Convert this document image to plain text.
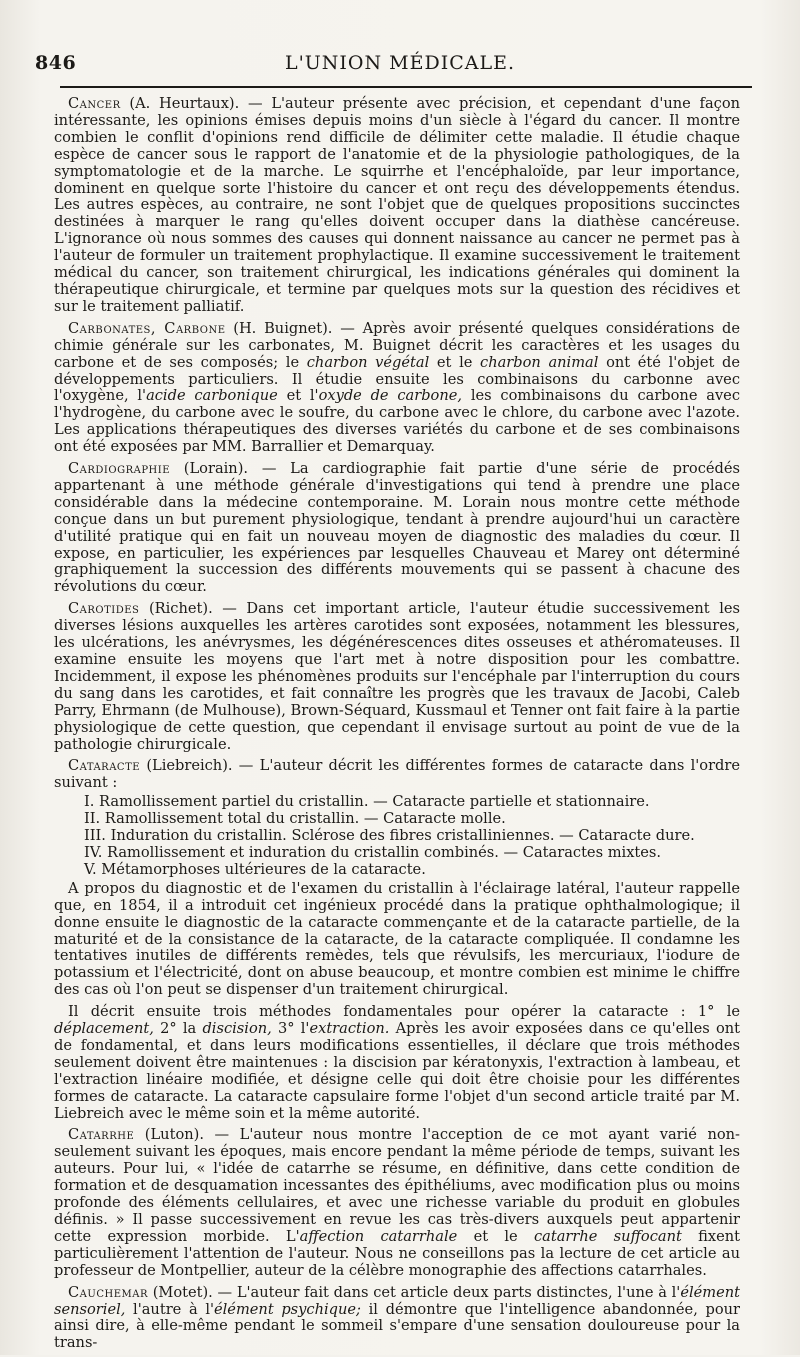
846	L'UNION MÉDICALE.

Cancer (A. Heurtaux). — L'auteur présente avec précision, et cependant d'une façon intéressante, les opinions émises depuis moins d'un siècle à l'égard du cancer. Il montre combien le conflit d'opinions rend difficile de délimiter cette maladie. Il étudie chaque espèce de cancer sous le rapport de l'anatomie et de la physiologie pathologiques, de la symptomatologie et de la marche. Le squirrhe et l'encéphaloïde, par leur importance, dominent en quelque sorte l'histoire du cancer et ont reçu des développements étendus. Les autres espèces, au contraire, ne sont l'objet que de quelques propositions succinctes destinées à marquer le rang qu'elles doivent occuper dans la diathèse cancéreuse. L'ignorance où nous sommes des causes qui donnent naissance au cancer ne permet pas à l'auteur de formuler un traitement prophylactique. Il examine successivement le traitement médical du cancer, son traitement chirurgical, les indications générales qui dominent la thérapeutique chirurgicale, et termine par quelques mots sur la question des récidives et sur le traitement palliatif.

Carbonates, Carbone (H. Buignet). — Après avoir présenté quelques considérations de chimie générale sur les carbonates, M. Buignet décrit les caractères et les usages du carbone et de ses composés; le charbon végétal et le charbon animal ont été l'objet de développements particuliers. Il étudie ensuite les combinaisons du carbonne avec l'oxygène, l'acide carbonique et l'oxyde de carbone, les combinaisons du carbone avec l'hydrogène, du carbone avec le soufre, du carbone avec le chlore, du carbone avec l'azote. Les applications thérapeutiques des diverses variétés du carbone et de ses combinaisons ont été exposées par MM. Barrallier et Demarquay.

Cardiographie (Lorain). — La cardiographie fait partie d'une série de procédés appartenant à une méthode générale d'investigations qui tend à prendre une place considérable dans la médecine contemporaine. M. Lorain nous montre cette méthode conçue dans un but purement physiologique, tendant à prendre aujourd'hui un caractère d'utilité pratique qui en fait un nouveau moyen de diagnostic des maladies du cœur. Il expose, en particulier, les expériences par lesquelles Chauveau et Marey ont déterminé graphiquement la succession des différents mouvements qui se passent à chacune des révolutions du cœur.

Carotides (Richet). — Dans cet important article, l'auteur étudie successivement les diverses lésions auxquelles les artères carotides sont exposées, notamment les blessures, les ulcérations, les anévrysmes, les dégénérescences dites osseuses et athéromateuses. Il examine ensuite les moyens que l'art met à notre disposition pour les combattre. Incidemment, il expose les phénomènes produits sur l'encéphale par l'interruption du cours du sang dans les carotides, et fait connaître les progrès que les travaux de Jacobi, Caleb Parry, Ehrmann (de Mulhouse), Brown-Séquard, Kussmaul et Tenner ont fait faire à la partie physiologique de cette question, que cependant il envisage surtout au point de vue de la pathologie chirurgicale.

Cataracte (Liebreich). — L'auteur décrit les différentes formes de cataracte dans l'ordre suivant :

I. Ramollissement partiel du cristallin. — Cataracte partielle et stationnaire.
II. Ramollissement total du cristallin. — Cataracte molle.
III. Induration du cristallin. Sclérose des fibres cristalliniennes. — Cataracte dure.
IV. Ramollissement et induration du cristallin combinés. — Cataractes mixtes.
V. Métamorphoses ultérieures de la cataracte.

A propos du diagnostic et de l'examen du cristallin à l'éclairage latéral, l'auteur rappelle que, en 1854, il a introduit cet ingénieux procédé dans la pratique ophthalmologique; il donne ensuite le diagnostic de la cataracte commençante et de la cataracte partielle, de la maturité et de la consistance de la cataracte, de la cataracte compliquée. Il condamne les tentatives inutiles de différents remèdes, tels que révulsifs, les mercuriaux, l'iodure de potassium et l'électricité, dont on abuse beaucoup, et montre combien est minime le chiffre des cas où l'on peut se dispenser d'un traitement chirurgical.

Il décrit ensuite trois méthodes fondamentales pour opérer la cataracte : 1° le déplacement, 2° la discision, 3° l'extraction. Après les avoir exposées dans ce qu'elles ont de fondamental, et dans leurs modifications essentielles, il déclare que trois méthodes seulement doivent être maintenues : la discision par kératonyxis, l'extraction à lambeau, et l'extraction linéaire modifiée, et désigne celle qui doit être choisie pour les différentes formes de cataracte. La cataracte capsulaire forme l'objet d'un second article traité par M. Liebreich avec le même soin et la même autorité.

Catarrhe (Luton). — L'auteur nous montre l'acception de ce mot ayant varié non-seulement suivant les époques, mais encore pendant la même période de temps, suivant les auteurs. Pour lui, « l'idée de catarrhe se résume, en définitive, dans cette condition de formation et de desquamation incessantes des épithéliums, avec modification plus ou moins profonde des éléments cellulaires, et avec une richesse variable du produit en globules définis. » Il passe successivement en revue les cas très-divers auxquels peut appartenir cette expression morbide. L'affection catarrhale et le catarrhe suffocant fixent particulièrement l'attention de l'auteur. Nous ne conseillons pas la lecture de cet article au professeur de Montpellier, auteur de la célèbre monographie des affections catarrhales.

Cauchemar (Motet). — L'auteur fait dans cet article deux parts distinctes, l'une à l'élément sensoriel, l'autre à l'élément psychique; il démontre que l'intelligence abandonnée, pour ainsi dire, à elle-même pendant le sommeil s'empare d'une sensation douloureuse pour la trans-
